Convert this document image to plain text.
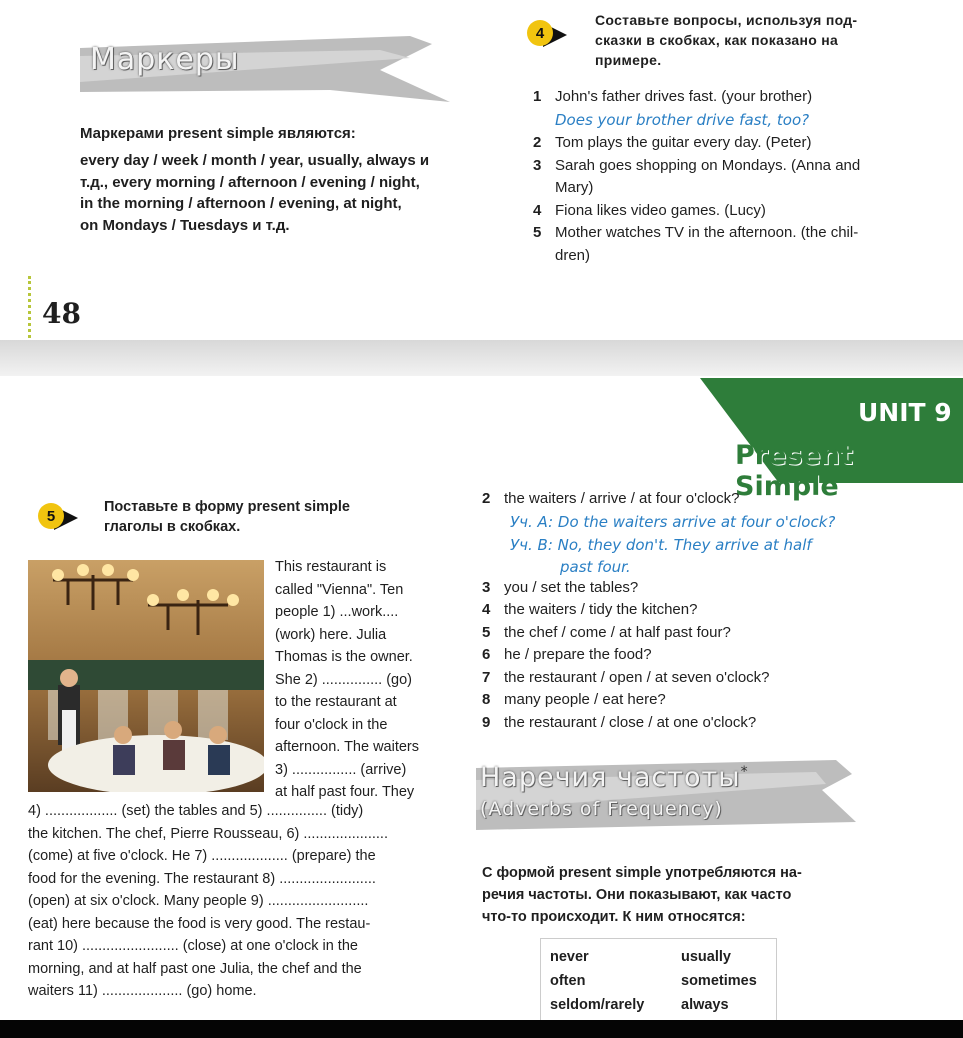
Маркеры
Маркерами present simple являются:
every day / week / month / year, usually, always и
т.д., every morning / afternoon / evening / night,
in the morning / afternoon / evening, at night,
on Mondays / Tuesdays и т.д.
4
Составьте вопросы, используя под-
сказки в скобках, как показано на
примере.
1 John's father drives fast. (your brother)
Does your brother drive fast, too?
2 Tom plays the guitar every day. (Peter)
3 Sarah goes shopping on Mondays. (Anna and
Mary)
4 Fiona likes video games. (Lucy)
5 Mother watches TV in the afternoon. (the chil-
dren)
48
UNIT 9
Present Simple
5
Поставьте в форму present simple
глаголы в скобках.
This restaurant is
called "Vienna". Ten
people 1) ...work....
(work) here. Julia
Thomas is the owner.
She 2) ............... (go)
to the restaurant at
four o'clock in the
afternoon. The waiters
3) ................ (arrive)
at half past four. They
4) .................. (set) the tables and 5) ............... (tidy)
the kitchen. The chef, Pierre Rousseau, 6) .....................
(come) at five o'clock. He 7) ................... (prepare) the
food for the evening. The restaurant 8) ........................
(open) at six o'clock. Many people 9) .........................
(eat) here because the food is very good. The restau-
rant 10) ........................ (close) at one o'clock in the
morning, and at half past one Julia, the chef and the
waiters 11) .................... (go) home.
2 the waiters / arrive / at four o'clock?
Уч. A: Do the waiters arrive at four o'clock?
Уч. B: No, they don't. They arrive at half
past four.
3 you / set the tables?
4 the waiters / tidy the kitchen?
5 the chef / come / at half past four?
6 he / prepare the food?
7 the restaurant / open / at seven o'clock?
8 many people / eat here?
9 the restaurant / close / at one o'clock?
Наречия частоты*
(Adverbs of Frequency)
С формой present simple употребляются на-
речия частоты. Они показывают, как часто
что-то происходит. К ним относятся:
never
often
seldom/rarely
usually
sometimes
always
